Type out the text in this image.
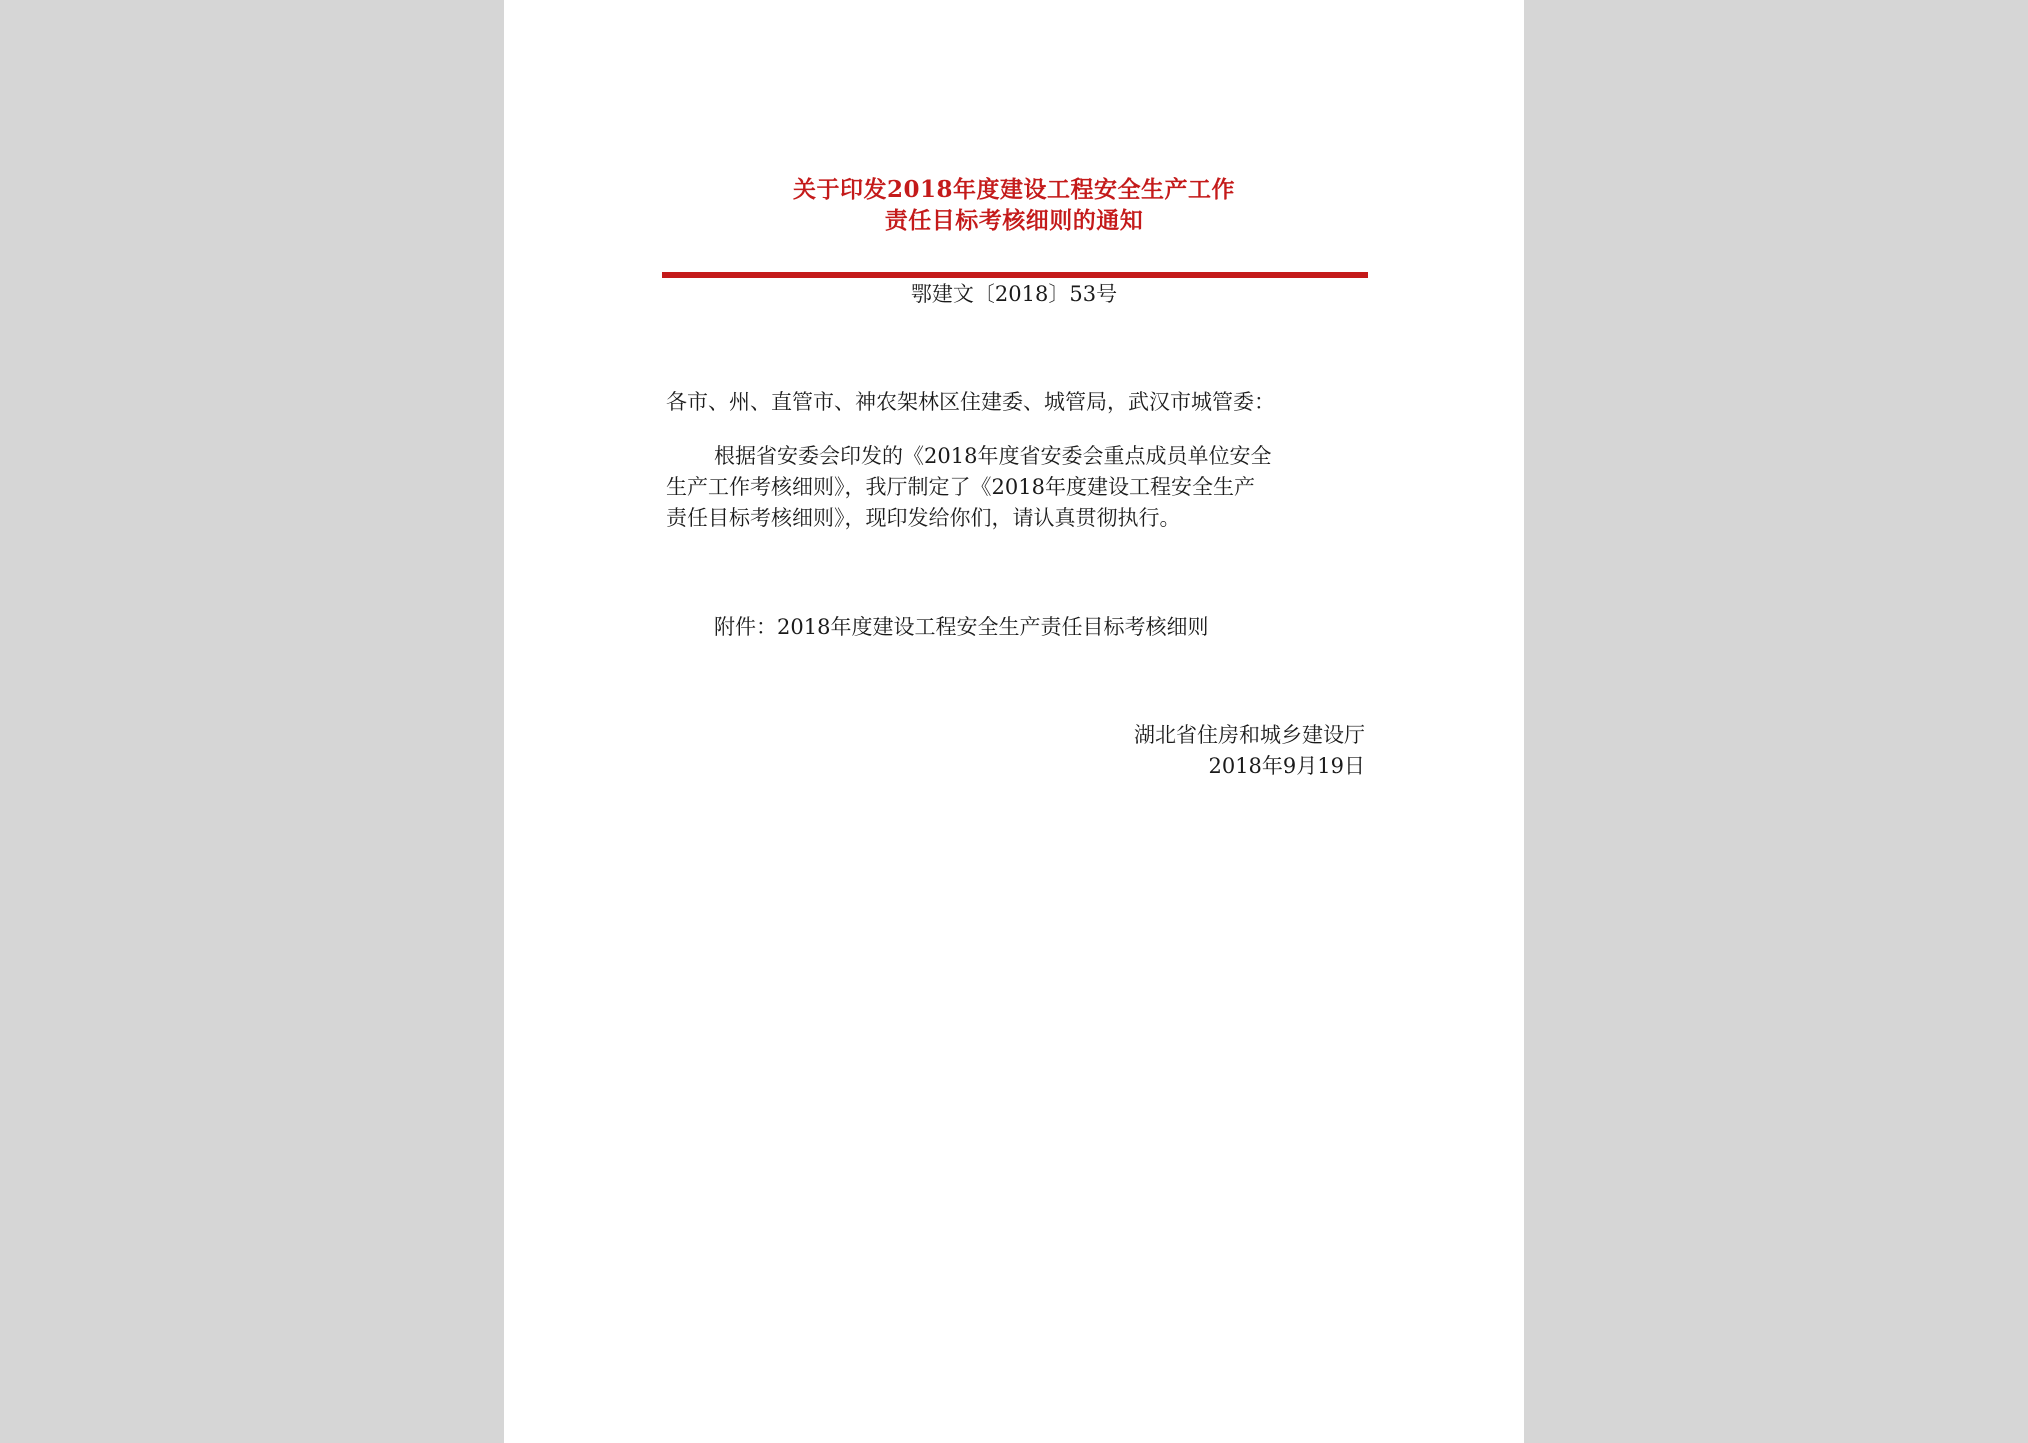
关于印发2018年度建设工程安全生产工作
责任目标考核细则的通知
鄂建文〔2018〕53号
各市、州、直管市、神农架林区住建委、城管局，武汉市城管委：
根据省安委会印发的《2018年度省安委会重点成员单位安全
生产工作考核细则》，我厅制定了《2018年度建设工程安全生产
责任目标考核细则》，现印发给你们，请认真贯彻执行。
附件：2018年度建设工程安全生产责任目标考核细则
湖北省住房和城乡建设厅
2018年9月19日
